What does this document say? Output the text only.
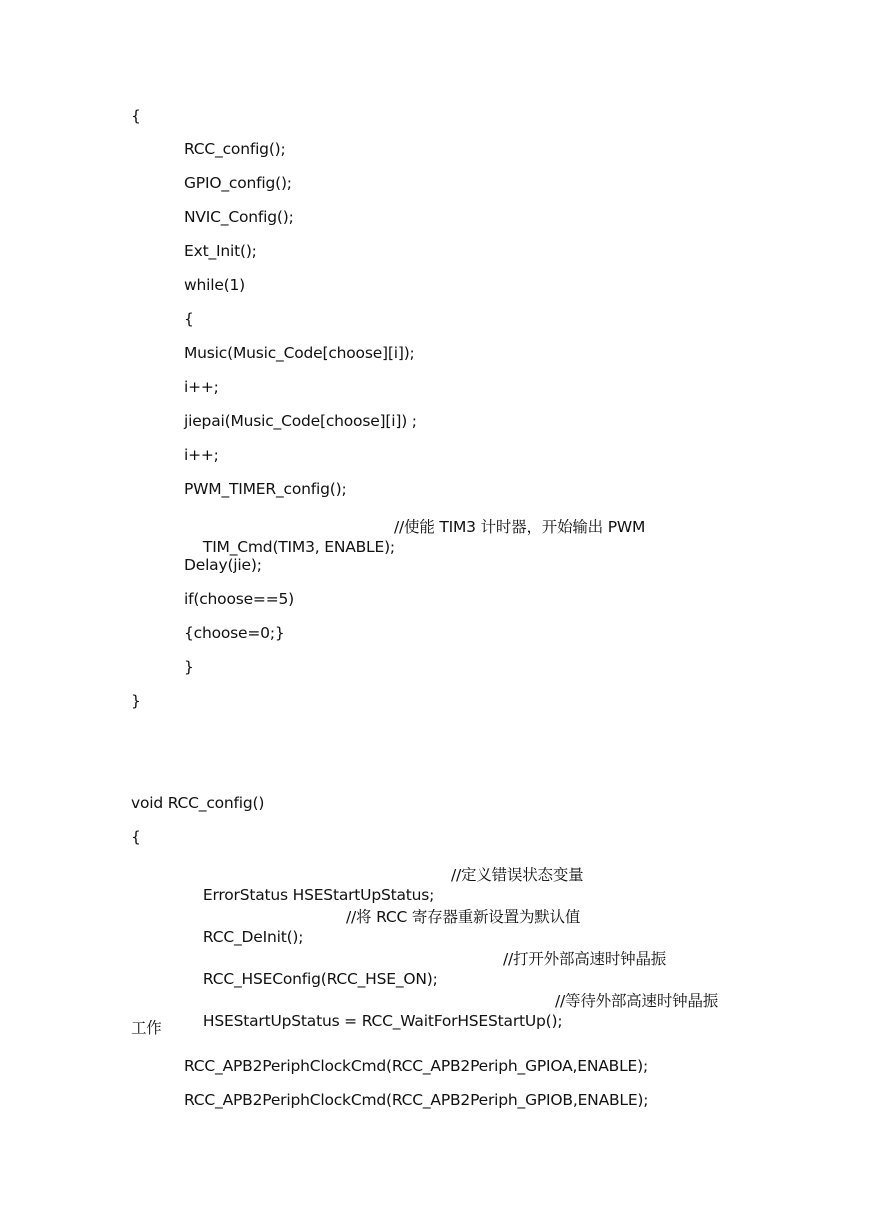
{
RCC_config();
GPIO_config();
NVIC_Config();
Ext_Init();
while(1)
{
Music(Music_Code[choose][i]);
i++;
jiepai(Music_Code[choose][i]) ;
i++;
PWM_TIMER_config();

TIM_Cmd(TIM3, ENABLE);

//使能 TIM3 计时器，开始输出 PWM

Delay(jie);
if(choose==5)
{choose=0;}
}
}
void RCC_config()
{

ErrorStatus HSEStartUpStatus;

//定义错误状态变量

RCC_DeInit();

//将 RCC 寄存器重新设置为默认值

RCC_HSEConfig(RCC_HSE_ON);

//打开外部高速时钟晶振

HSEStartUpStatus = RCC_WaitForHSEStartUp();

//等待外部高速时钟晶振

工作
RCC_APB2PeriphClockCmd(RCC_APB2Periph_GPIOA,ENABLE);
RCC_APB2PeriphClockCmd(RCC_APB2Periph_GPIOB,ENABLE);
